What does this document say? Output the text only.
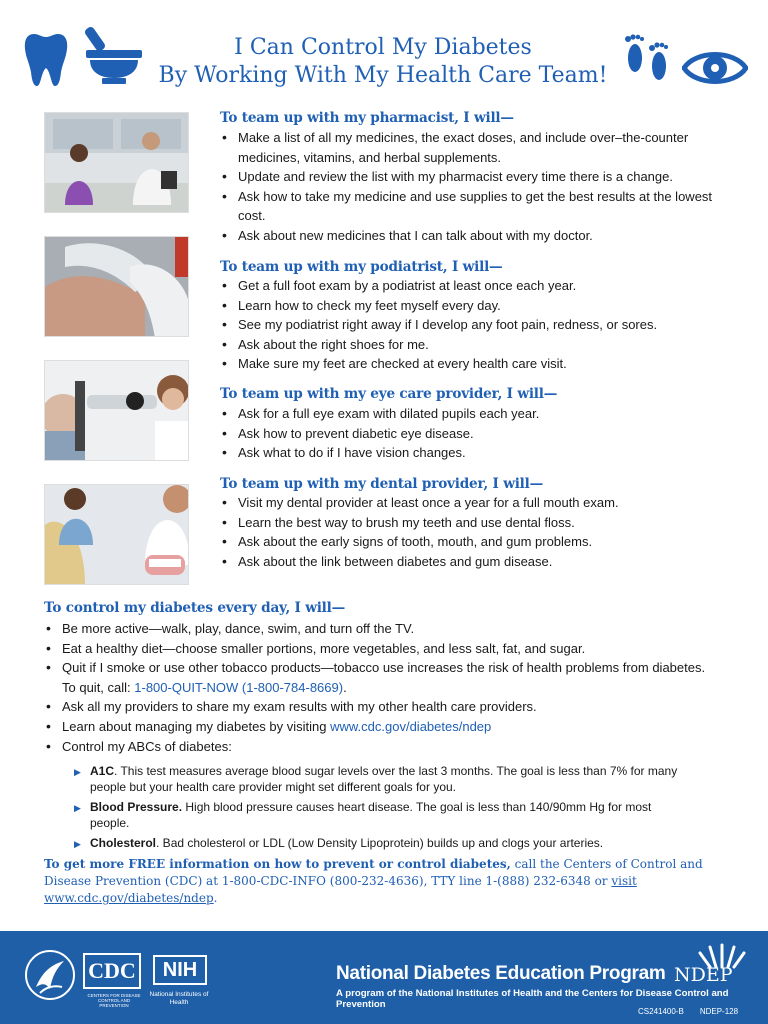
I Can Control My Diabetes
By Working With My Health Care Team!
To team up with my pharmacist, I will—
• Make a list of all my medicines, the exact doses, and include over–the-counter medicines, vitamins, and herbal supplements.
• Update and review the list with my pharmacist every time there is a change.
• Ask how to take my medicine and use supplies to get the best results at the lowest cost.
• Ask about new medicines that I can talk about with my doctor.
To team up with my podiatrist, I will—
• Get a full foot exam by a podiatrist at least once each year.
• Learn how to check my feet myself every day.
• See my podiatrist right away if I develop any foot pain, redness, or sores.
• Ask about the right shoes for me.
• Make sure my feet are checked at every health care visit.
To team up with my eye care provider, I will—
• Ask for a full eye exam with dilated pupils each year.
• Ask how to prevent diabetic eye disease.
• Ask what to do if I have vision changes.
To team up with my dental provider, I will—
• Visit my dental provider at least once a year for a full mouth exam.
• Learn the best way to brush my teeth and use dental floss.
• Ask about the early signs of tooth, mouth, and gum problems.
• Ask about the link between diabetes and gum disease.
To control my diabetes every day, I will—
• Be more active—walk, play, dance, swim, and turn off the TV.
• Eat a healthy diet—choose smaller portions, more vegetables, and less salt, fat, and sugar.
• Quit if I smoke or use other tobacco products—tobacco use increases the risk of health problems from diabetes.
To quit, call: 1-800-QUIT-NOW (1-800-784-8669).
• Ask all my providers to share my exam results with my other health care providers.
• Learn about managing my diabetes by visiting www.cdc.gov/diabetes/ndep
• Control my ABCs of diabetes:
▶ A1C. This test measures average blood sugar levels over the last 3 months. The goal is less than 7% for many people but your health care provider might set different goals for you.
▶ Blood Pressure. High blood pressure causes heart disease. The goal is less than 140/90mm Hg for most people.
▶ Cholesterol. Bad cholesterol or LDL (Low Density Lipoprotein) builds up and clogs your arteries.
To get more FREE information on how to prevent or control diabetes, call the Centers of Control and Disease Prevention (CDC) at 1-800-CDC-INFO (800-232-4636), TTY line 1-(888) 232-6348 or visit www.cdc.gov/diabetes/ndep.
CDC
CENTERS FOR DISEASE CONTROL AND PREVENTION
NIH
National Institutes of Health
National Diabetes Education Program NDEP
A program of the National Institutes of Health and the Centers for Disease Control and Prevention
CS241400-B NDEP-128
